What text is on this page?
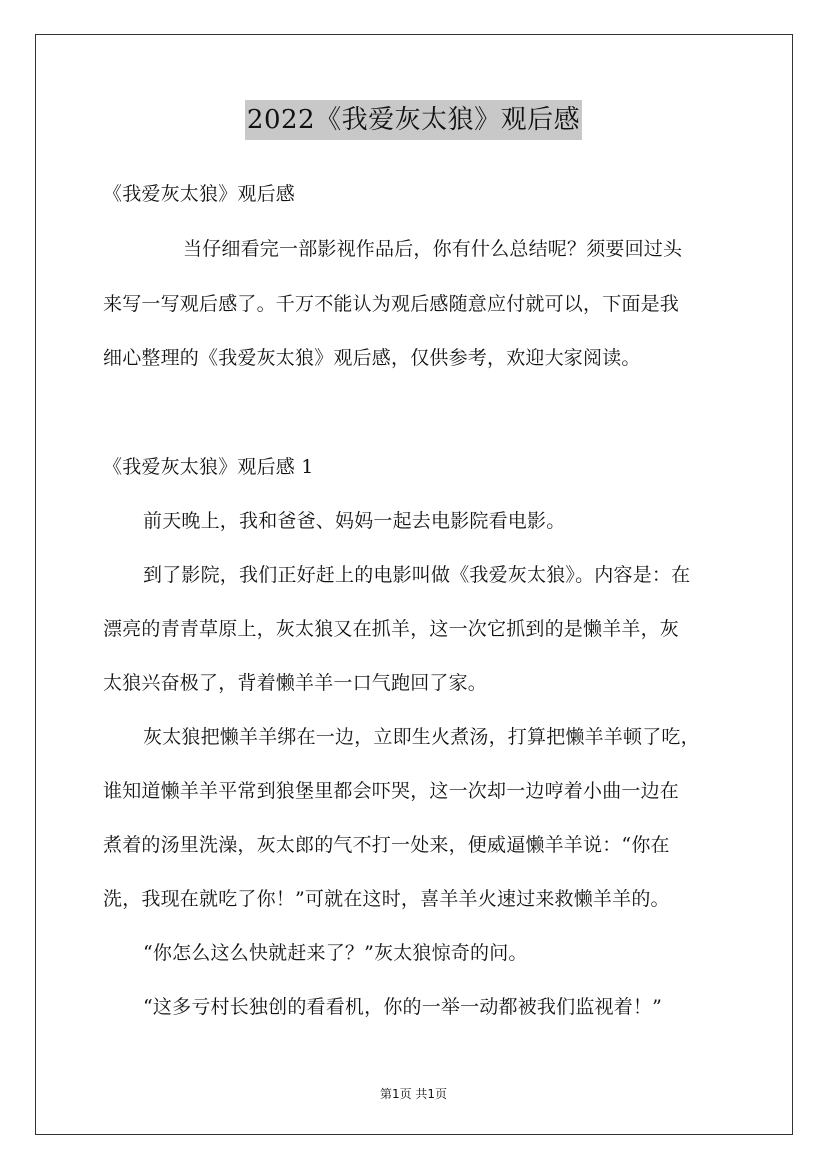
2022《我爱灰太狼》观后感
《我爱灰太狼》观后感
当仔细看完一部影视作品后，你有什么总结呢？须要回过头
来写一写观后感了。千万不能认为观后感随意应付就可以，下面是我
细心整理的《我爱灰太狼》观后感，仅供参考，欢迎大家阅读。
《我爱灰太狼》观后感 1
前天晚上，我和爸爸、妈妈一起去电影院看电影。
到了影院，我们正好赶上的电影叫做《我爱灰太狼》。内容是：在
漂亮的青青草原上，灰太狼又在抓羊，这一次它抓到的是懒羊羊，灰
太狼兴奋极了，背着懒羊羊一口气跑回了家。
灰太狼把懒羊羊绑在一边，立即生火煮汤，打算把懒羊羊顿了吃，
谁知道懒羊羊平常到狼堡里都会吓哭，这一次却一边哼着小曲一边在
煮着的汤里洗澡，灰太郎的气不打一处来，便威逼懒羊羊说：“你在
洗，我现在就吃了你！”可就在这时，喜羊羊火速过来救懒羊羊的。
“你怎么这么快就赶来了？”灰太狼惊奇的问。
“这多亏村长独创的看看机，你的一举一动都被我们监视着！”
第1页 共1页
